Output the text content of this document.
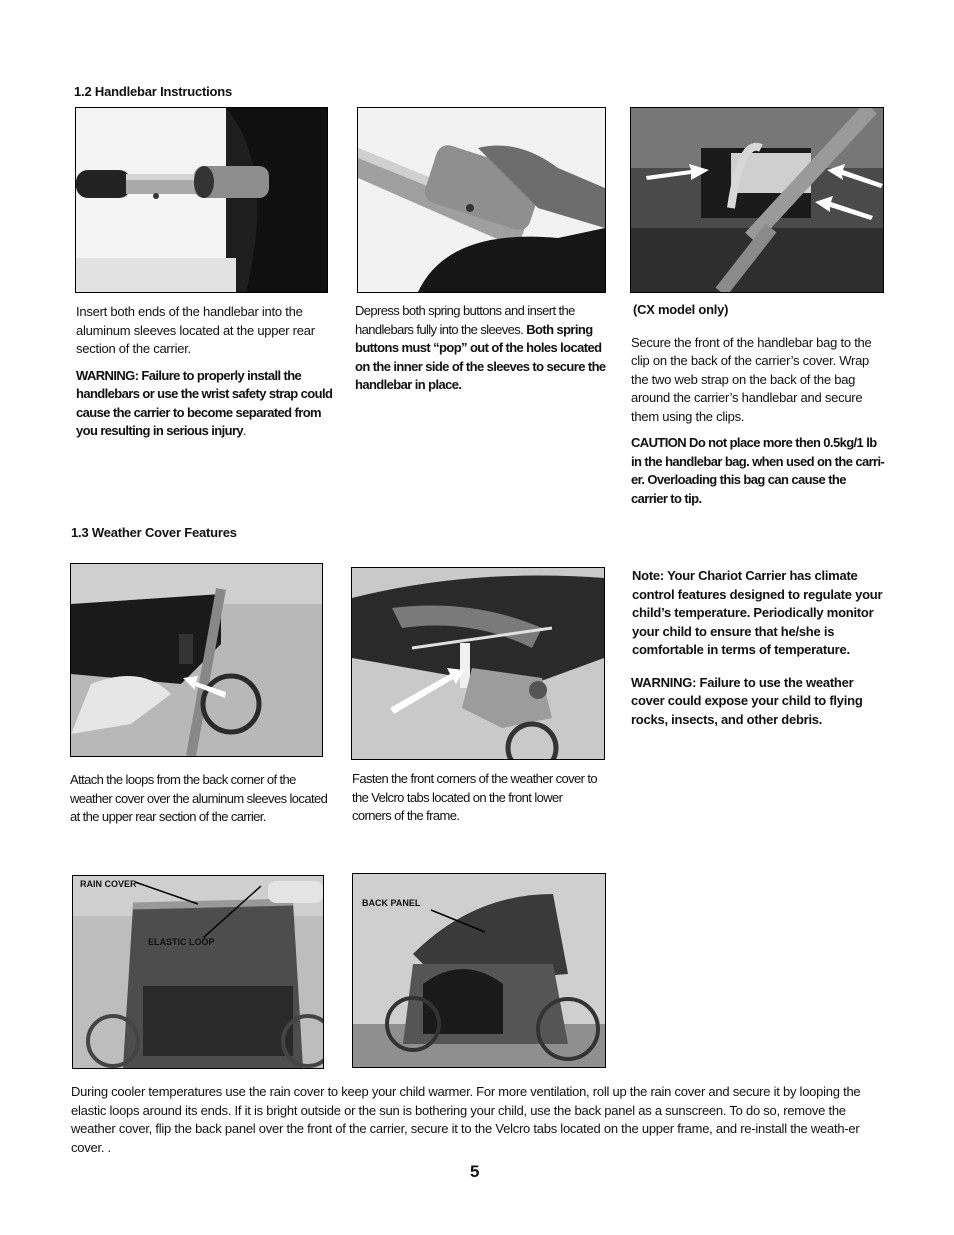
1.2 Handlebar Instructions

Insert both ends of the handlebar into the aluminum sleeves located at the upper rear section of the carrier.

WARNING: Failure to properly install the handlebars or use the wrist safety strap could cause the carrier to become separated from you resulting in serious injury.

Depress both spring buttons and insert the handlebars fully into the sleeves. Both spring buttons must “pop” out of the holes located on the inner side of the sleeves to secure the handlebar in place.

(CX model only)

Secure the front of the handlebar bag to the clip on the back of the carrier’s cover. Wrap the two web strap on the back of the bag around the carrier’s handlebar and secure them using the clips.

CAUTION Do not place more then 0.5kg/1 lb in the handlebar bag. when used on the carri-er. Overloading this bag can cause the carrier to tip.

1.3 Weather Cover Features

Attach the loops from the back corner of the weather cover over the aluminum sleeves located at the upper rear section of the carrier.

Fasten the front corners of the weather cover to the Velcro tabs located on the front lower corners of the frame.

Note: Your Chariot Carrier has climate control features designed to regulate your child’s temperature. Periodically monitor your child to ensure that he/she is comfortable in terms of temperature.

WARNING: Failure to use the weather cover could expose your child to flying rocks, insects, and other debris.

RAIN COVER
ELASTIC LOOP
BACK PANEL
During cooler temperatures use the rain cover to keep your child warmer. For more ventilation, roll up the rain cover and secure it by looping the elastic loops around its ends. If it is bright outside or the sun is bothering your child, use the back panel as a sunscreen. To do so, remove the weather cover, flip the back panel over the front of the carrier, secure it to the Velcro tabs located on the upper frame, and re-install the weath-er cover. .
5
